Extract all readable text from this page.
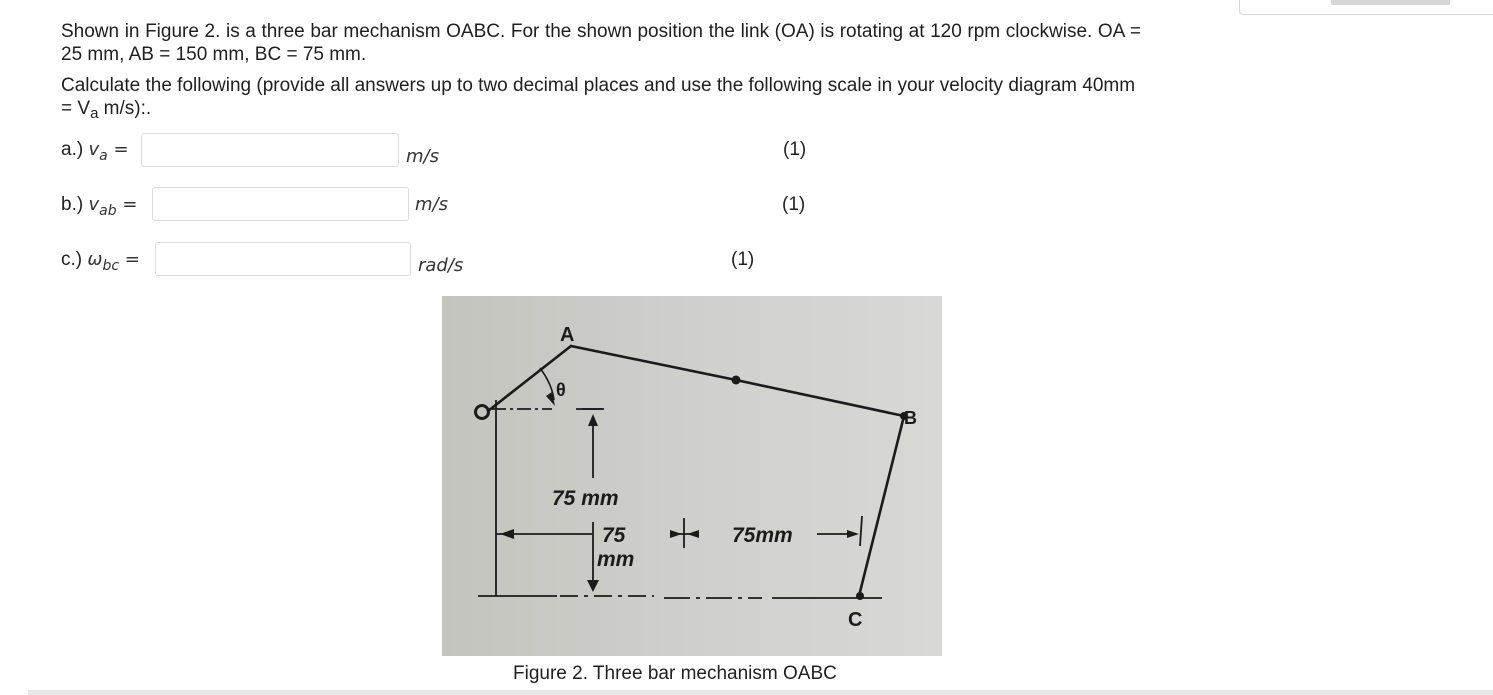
Shown in Figure 2. is a three bar mechanism OABC. For the shown position the link (OA) is rotating at 120 rpm clockwise. OA = 25 mm, AB = 150 mm, BC = 75 mm.
Calculate the following (provide all answers up to two decimal places and use the following scale in your velocity diagram $40mm = V_a$ m/s):.
a.) $v_a$ =	m/s	(1)
b.) $v_{ab}$ =	m/s	(1)
c.) $\omega_{bc}$ =	rad/s	(1)
A
B
C
θ
75 mm
75
mm
75mm
Figure 2. Three bar mechanism OABC
